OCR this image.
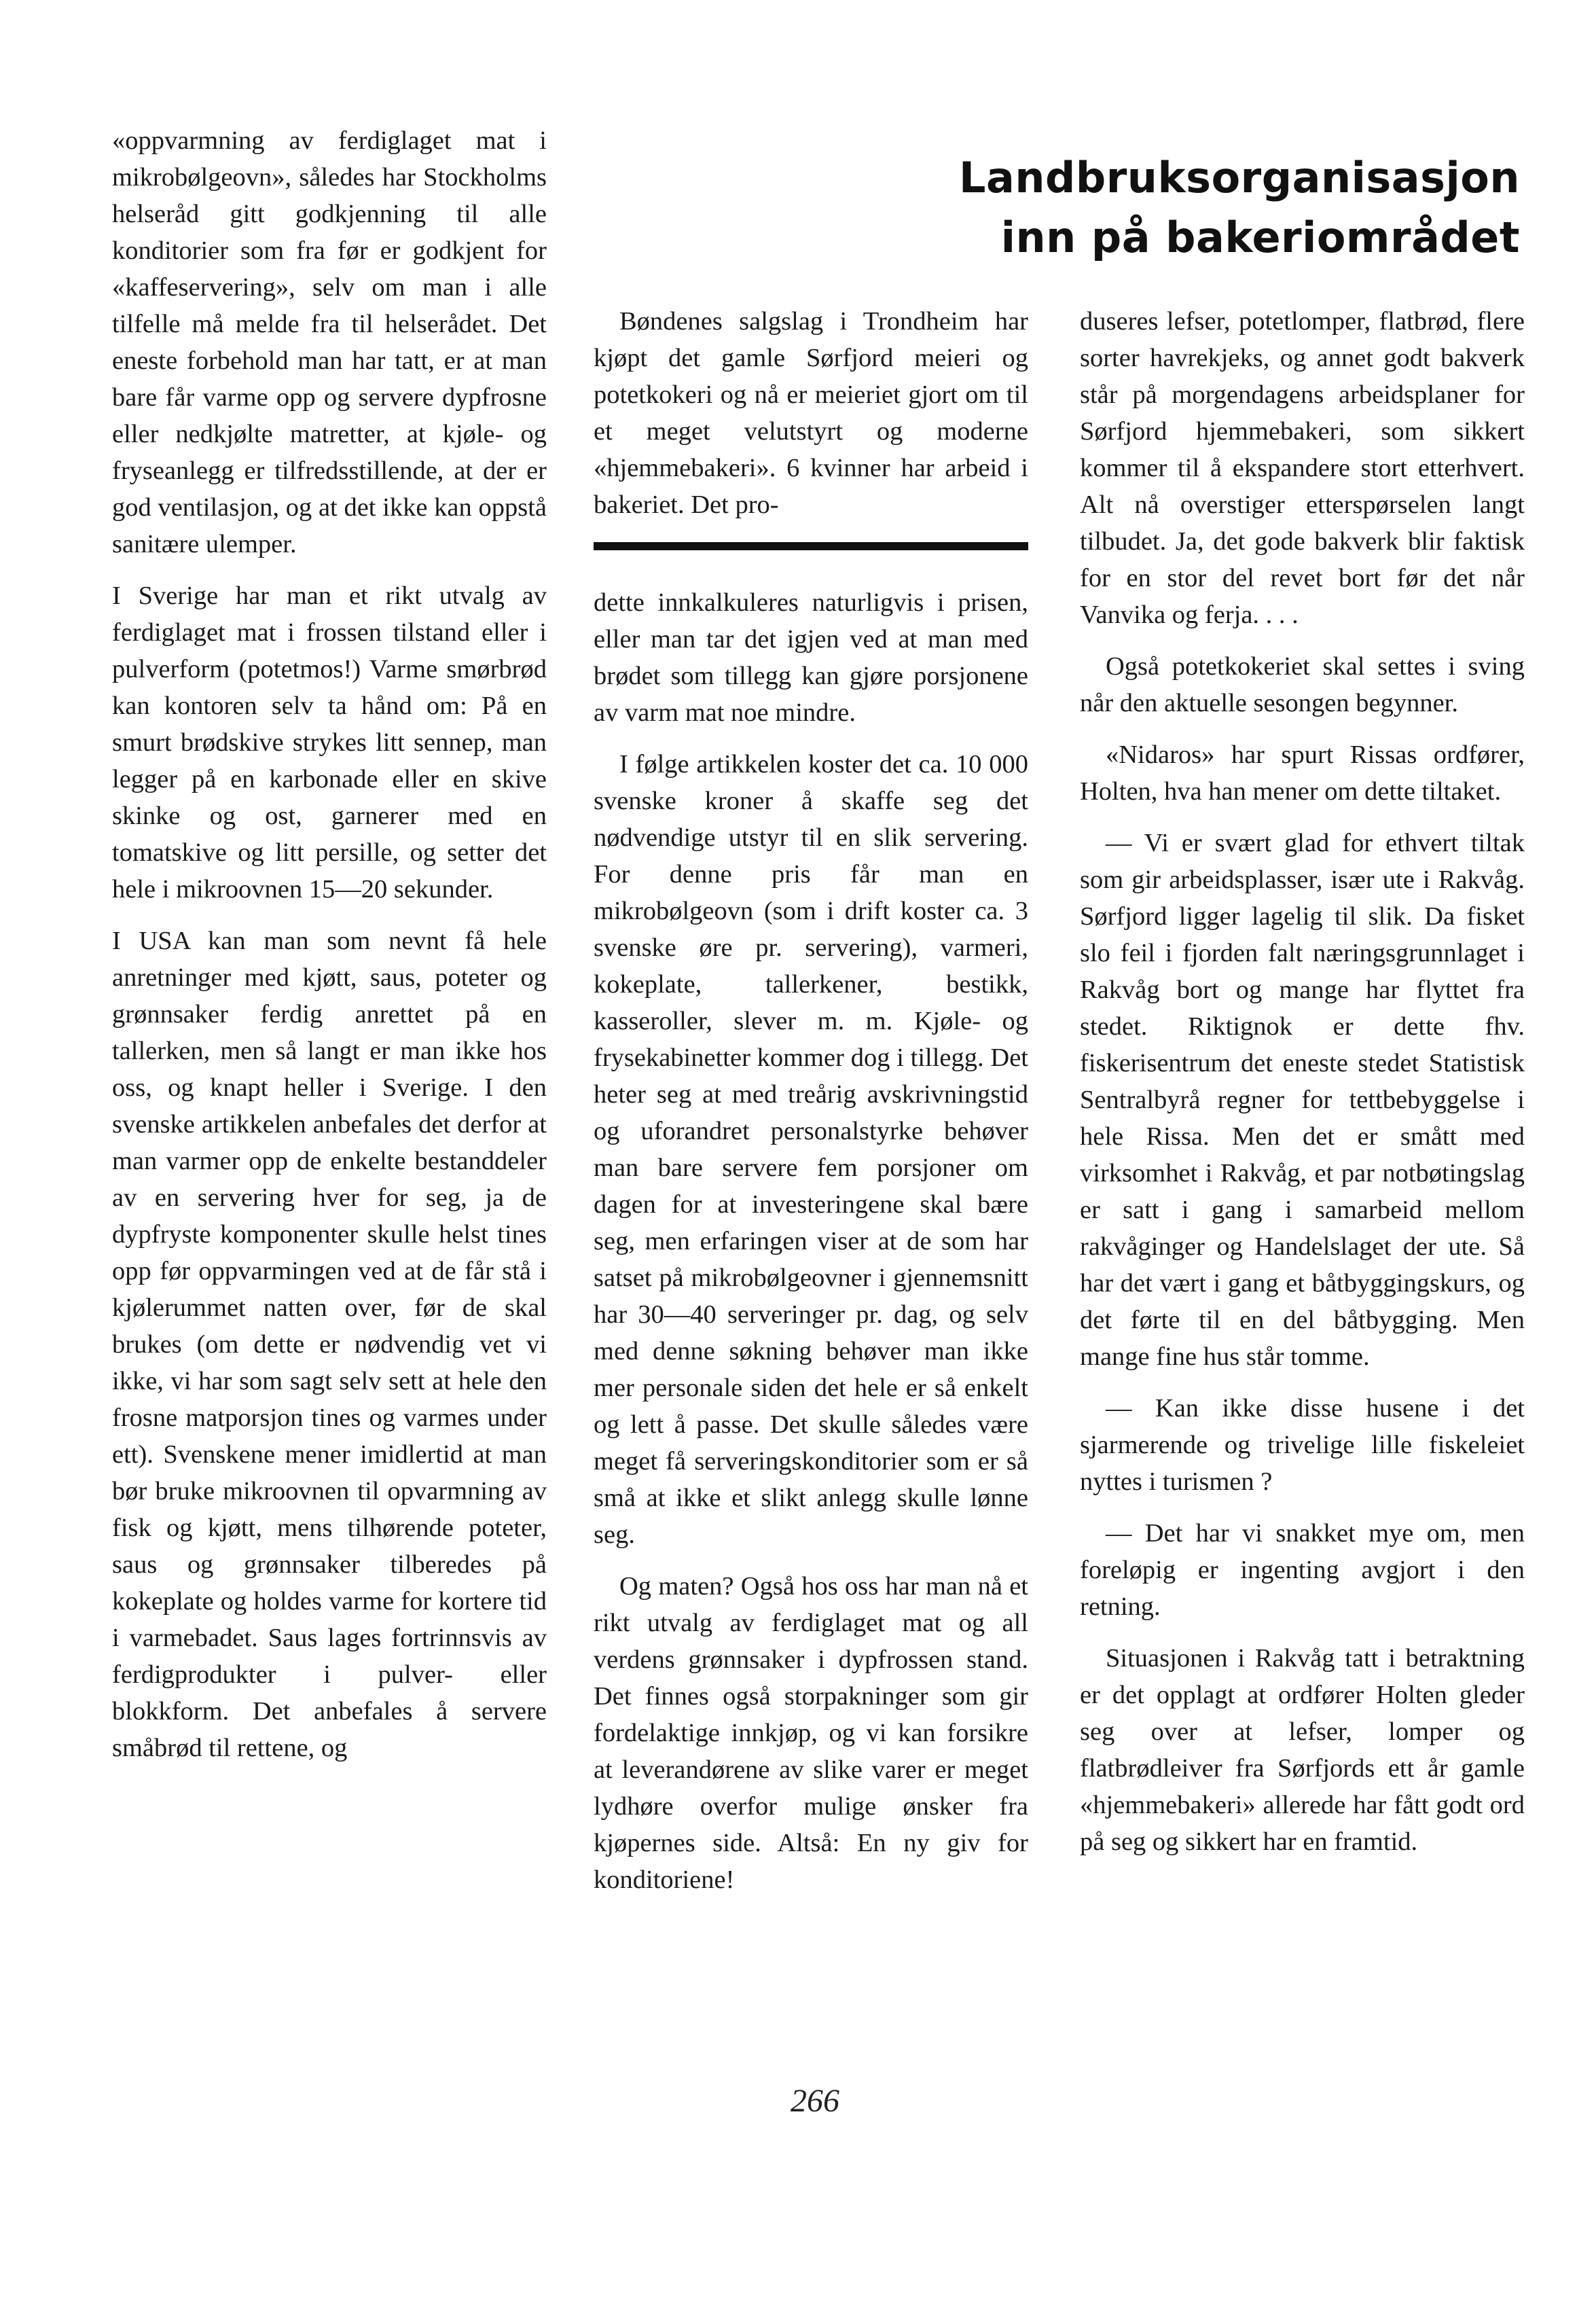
«oppvarmning av ferdiglaget mat i mikrobølgeovn», således har Stockholms helseråd gitt godkjenning til alle konditorier som fra før er godkjent for «kaffeservering», selv om man i alle tilfelle må melde fra til helserådet. Det eneste forbehold man har tatt, er at man bare får varme opp og servere dypfrosne eller nedkjølte matretter, at kjøle- og fryseanlegg er tilfredsstillende, at der er god ventilasjon, og at det ikke kan oppstå sanitære ulemper.

I Sverige har man et rikt utvalg av ferdiglaget mat i frossen tilstand eller i pulverform (potetmos!) Varme smørbrød kan kontoren selv ta hånd om: På en smurt brødskive strykes litt sennep, man legger på en karbonade eller en skive skinke og ost, garnerer med en tomatskive og litt persille, og setter det hele i mikroovnen 15—20 sekunder.

I USA kan man som nevnt få hele anretninger med kjøtt, saus, poteter og grønnsaker ferdig anrettet på en tallerken, men så langt er man ikke hos oss, og knapt heller i Sverige. I den svenske artikkelen anbefales det derfor at man varmer opp de enkelte bestanddeler av en servering hver for seg, ja de dypfryste komponenter skulle helst tines opp før oppvarmingen ved at de får stå i kjølerummet natten over, før de skal brukes (om dette er nødvendig vet vi ikke, vi har som sagt selv sett at hele den frosne matporsjon tines og varmes under ett). Svenskene mener imidlertid at man bør bruke mikroovnen til opvarmning av fisk og kjøtt, mens tilhørende poteter, saus og grønnsaker tilberedes på kokeplate og holdes varme for kortere tid i varmebadet. Saus lages fortrinnsvis av ferdigprodukter i pulver- eller blokkform. Det anbefales å servere småbrød til rettene, og

Landbruksorganisasjon
inn på bakeriområdet

Bøndenes salgslag i Trondheim har kjøpt det gamle Sørfjord meieri og potetkokeri og nå er meieriet gjort om til et meget velutstyrt og moderne «hjemmebakeri». 6 kvinner har arbeid i bakeriet. Det pro-

dette innkalkuleres naturligvis i prisen, eller man tar det igjen ved at man med brødet som tillegg kan gjøre porsjonene av varm mat noe mindre.

I følge artikkelen koster det ca. 10 000 svenske kroner å skaffe seg det nødvendige utstyr til en slik servering. For denne pris får man en mikrobølgeovn (som i drift koster ca. 3 svenske øre pr. servering), varmeri, kokeplate, tallerkener, bestikk, kasseroller, slever m. m. Kjøle- og frysekabinetter kommer dog i tillegg. Det heter seg at med treårig avskrivningstid og uforandret personalstyrke behøver man bare servere fem porsjoner om dagen for at investeringene skal bære seg, men erfaringen viser at de som har satset på mikrobølgeovner i gjennemsnitt har 30—40 serveringer pr. dag, og selv med denne søkning behøver man ikke mer personale siden det hele er så enkelt og lett å passe. Det skulle således være meget få serveringskonditorier som er så små at ikke et slikt anlegg skulle lønne seg.

Og maten? Også hos oss har man nå et rikt utvalg av ferdiglaget mat og all verdens grønnsaker i dypfrossen stand. Det finnes også storpakninger som gir fordelaktige innkjøp, og vi kan forsikre at leverandørene av slike varer er meget lydhøre overfor mulige ønsker fra kjøpernes side. Altså: En ny giv for konditoriene!

duseres lefser, potetlomper, flatbrød, flere sorter havrekjeks, og annet godt bakverk står på morgendagens arbeidsplaner for Sørfjord hjemmebakeri, som sikkert kommer til å ekspandere stort etterhvert. Alt nå overstiger etterspørselen langt tilbudet. Ja, det gode bakverk blir faktisk for en stor del revet bort før det når Vanvika og ferja. . . .

Også potetkokeriet skal settes i sving når den aktuelle sesongen begynner.

«Nidaros» har spurt Rissas ordfører, Holten, hva han mener om dette tiltaket.

— Vi er svært glad for ethvert tiltak som gir arbeidsplasser, især ute i Rakvåg. Sørfjord ligger lagelig til slik. Da fisket slo feil i fjorden falt næringsgrunnlaget i Rakvåg bort og mange har flyttet fra stedet. Riktignok er dette fhv. fiskerisentrum det eneste stedet Statistisk Sentralbyrå regner for tettbebyggelse i hele Rissa. Men det er smått med virksomhet i Rakvåg, et par notbøtingslag er satt i gang i samarbeid mellom rakvåginger og Handelslaget der ute. Så har det vært i gang et båtbyggingskurs, og det førte til en del båtbygging. Men mange fine hus står tomme.

— Kan ikke disse husene i det sjarmerende og trivelige lille fiskeleiet nyttes i turismen ?

— Det har vi snakket mye om, men foreløpig er ingenting avgjort i den retning.

Situasjonen i Rakvåg tatt i betraktning er det opplagt at ordfører Holten gleder seg over at lefser, lomper og flatbrødleiver fra Sørfjords ett år gamle «hjemmebakeri» allerede har fått godt ord på seg og sikkert har en framtid.

266
